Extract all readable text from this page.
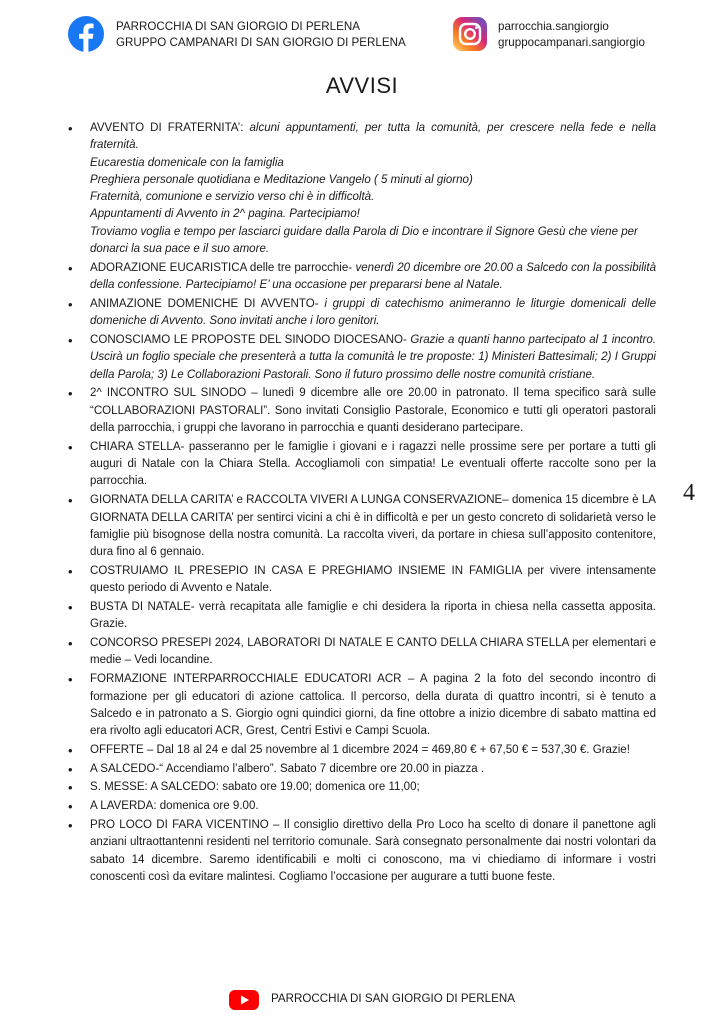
PARROCCHIA DI SAN GIORGIO DI PERLENA
GRUPPO CAMPANARI DI SAN GIORGIO DI PERLENA
parrocchia.sangiorgio
gruppocampanari.sangiorgio
AVVISI
4
• AVVENTO DI FRATERNITA’: alcuni appuntamenti, per tutta la comunità, per crescere nella fede e nella fraternità.
Eucarestia domenicale con la famiglia
Preghiera personale quotidiana e Meditazione Vangelo ( 5 minuti al giorno)
Fraternità, comunione e servizio verso chi è in difficoltà.
Appuntamenti di Avvento in 2^ pagina. Partecipiamo!
Troviamo voglia e tempo per lasciarci guidare dalla Parola di Dio e incontrare il Signore Gesù che viene per donarci la sua pace e il suo amore.
• ADORAZIONE EUCARISTICA delle tre parrocchie- venerdì 20 dicembre ore 20.00 a Salcedo con la possibilità della confessione. Partecipiamo! E’ una occasione per prepararsi bene al Natale.
• ANIMAZIONE DOMENICHE DI AVVENTO- i gruppi di catechismo animeranno le liturgie domenicali delle domeniche di Avvento. Sono invitati anche i loro genitori.
• CONOSCIAMO LE PROPOSTE DEL SINODO DIOCESANO- Grazie a quanti hanno partecipato al 1 incontro. Uscirà un foglio speciale che presenterà a tutta la comunità le tre proposte: 1) Ministeri Battesimali; 2) I Gruppi della Parola; 3) Le Collaborazioni Pastorali. Sono il futuro prossimo delle nostre comunità cristiane.
• 2^ INCONTRO SUL SINODO – lunedì 9 dicembre alle ore 20.00 in patronato. Il tema specifico sarà sulle “COLLABORAZIONI PASTORALI”. Sono invitati Consiglio Pastorale, Economico e tutti gli operatori pastorali della parrocchia, i gruppi che lavorano in parrocchia e quanti desiderano partecipare.
• CHIARA STELLA- passeranno per le famiglie i giovani e i ragazzi nelle prossime sere per portare a tutti gli auguri di Natale con la Chiara Stella. Accogliamoli con simpatia! Le eventuali offerte raccolte sono per la parrocchia.
• GIORNATA DELLA CARITA’ e RACCOLTA VIVERI A LUNGA CONSERVAZIONE– domenica 15 dicembre è LA GIORNATA DELLA CARITA’ per sentirci vicini a chi è in difficoltà e per un gesto concreto di solidarietà verso le famiglie più bisognose della nostra comunità. La raccolta viveri, da portare in chiesa sull’apposito contenitore, dura fino al 6 gennaio.
• COSTRUIAMO IL PRESEPIO IN CASA E PREGHIAMO INSIEME IN FAMIGLIA per vivere intensamente questo periodo di Avvento e Natale.
• BUSTA DI NATALE- verrà recapitata alle famiglie e chi desidera la riporta in chiesa nella cassetta apposita. Grazie.
• CONCORSO PRESEPI 2024, LABORATORI DI NATALE E CANTO DELLA CHIARA STELLA per elementari e medie – Vedi locandine.
• FORMAZIONE INTERPARROCCHIALE EDUCATORI ACR – A pagina 2 la foto del secondo incontro di formazione per gli educatori di azione cattolica. Il percorso, della durata di quattro incontri, si è tenuto a Salcedo e in patronato a S. Giorgio ogni quindici giorni, da fine ottobre a inizio dicembre di sabato mattina ed era rivolto agli educatori ACR, Grest, Centri Estivi e Campi Scuola.
• OFFERTE – Dal 18 al 24 e dal 25 novembre al 1 dicembre 2024 = 469,80 € + 67,50 € = 537,30 €. Grazie!
• A SALCEDO-“ Accendiamo l’albero”. Sabato 7 dicembre ore 20.00 in piazza .
• S. MESSE: A SALCEDO: sabato ore 19.00; domenica ore 11,00;
• A LAVERDA: domenica ore 9.00.
• PRO LOCO DI FARA VICENTINO – Il consiglio direttivo della Pro Loco ha scelto di donare il panettone agli anziani ultraottantenni residenti nel territorio comunale. Sarà consegnato personalmente dai nostri volontari da sabato 14 dicembre. Saremo identificabili e molti ci conoscono, ma vi chiediamo di informare i vostri conoscenti così da evitare malintesi. Cogliamo l’occasione per augurare a tutti buone feste.
PARROCCHIA DI SAN GIORGIO DI PERLENA
